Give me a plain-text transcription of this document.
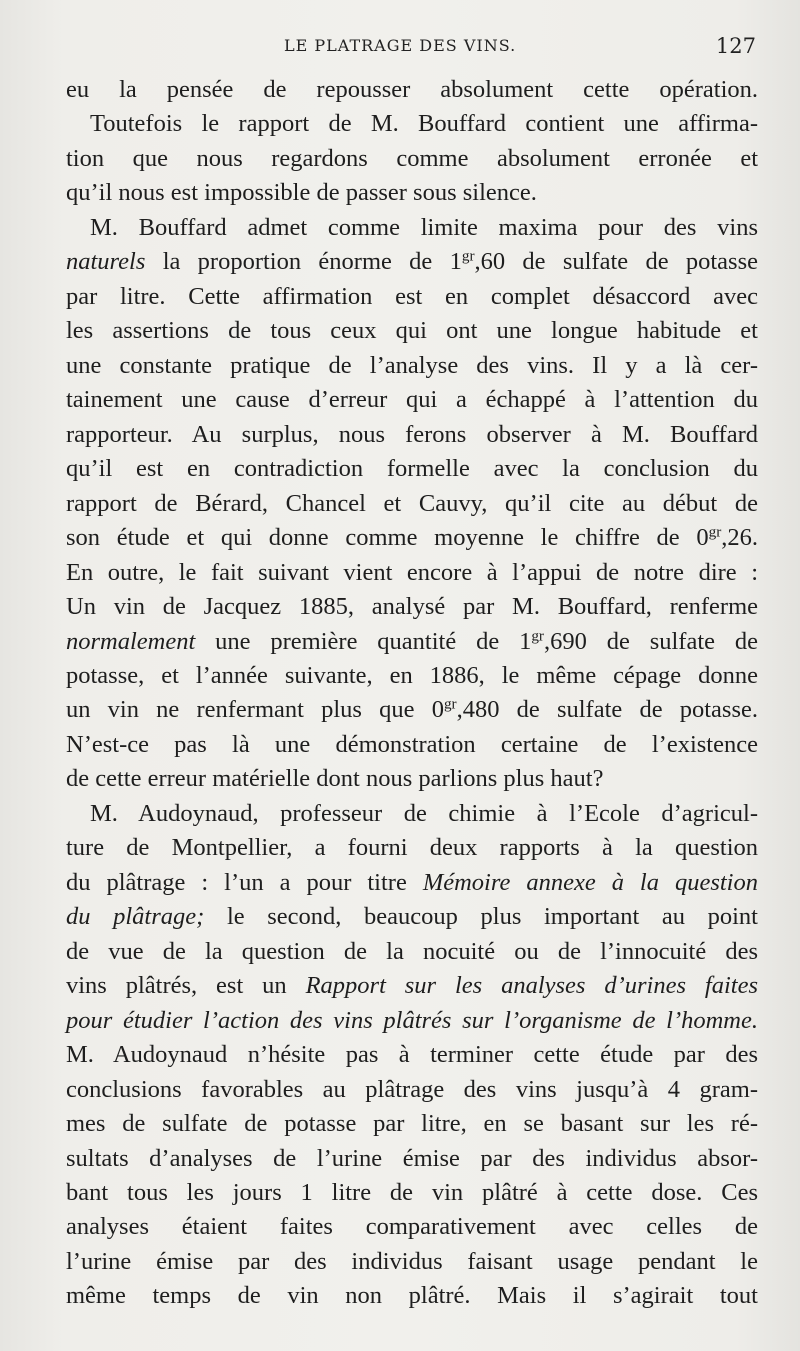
LE PLATRAGE DES VINS.	127
eu la pensée de repousser absolument cette opération.
Toutefois le rapport de M. Bouffard contient une affirma-
tion que nous regardons comme absolument erronée et
qu’il nous est impossible de passer sous silence.
M. Bouffard admet comme limite maxima pour des vins
naturels la proportion énorme de $1^{gr},60$ de sulfate de potasse
par litre. Cette affirmation est en complet désaccord avec
les assertions de tous ceux qui ont une longue habitude et
une constante pratique de l’analyse des vins. Il y a là cer-
tainement une cause d’erreur qui a échappé à l’attention du
rapporteur. Au surplus, nous ferons observer à M. Bouffard
qu’il est en contradiction formelle avec la conclusion du
rapport de Bérard, Chancel et Cauvy, qu’il cite au début de
son étude et qui donne comme moyenne le chiffre de $0^{gr},26$.
En outre, le fait suivant vient encore à l’appui de notre dire :
Un vin de Jacquez 1885, analysé par M. Bouffard, renferme
normalement une première quantité de $1^{gr},690$ de sulfate de
potasse, et l’année suivante, en 1886, le même cépage donne
un vin ne renfermant plus que $0^{gr},480$ de sulfate de potasse.
N’est-ce pas là une démonstration certaine de l’existence
de cette erreur matérielle dont nous parlions plus haut?
M. Audoynaud, professeur de chimie à l’Ecole d’agricul-
ture de Montpellier, a fourni deux rapports à la question
du plâtrage : l’un a pour titre Mémoire annexe à la question
du plâtrage; le second, beaucoup plus important au point
de vue de la question de la nocuité ou de l’innocuité des
vins plâtrés, est un Rapport sur les analyses d’urines faites
pour étudier l’action des vins plâtrés sur l’organisme de l’homme.
M. Audoynaud n’hésite pas à terminer cette étude par des
conclusions favorables au plâtrage des vins jusqu’à 4 gram-
mes de sulfate de potasse par litre, en se basant sur les ré-
sultats d’analyses de l’urine émise par des individus absor-
bant tous les jours 1 litre de vin plâtré à cette dose. Ces
analyses étaient faites comparativement avec celles de
l’urine émise par des individus faisant usage pendant le
même temps de vin non plâtré. Mais il s’agirait tout
